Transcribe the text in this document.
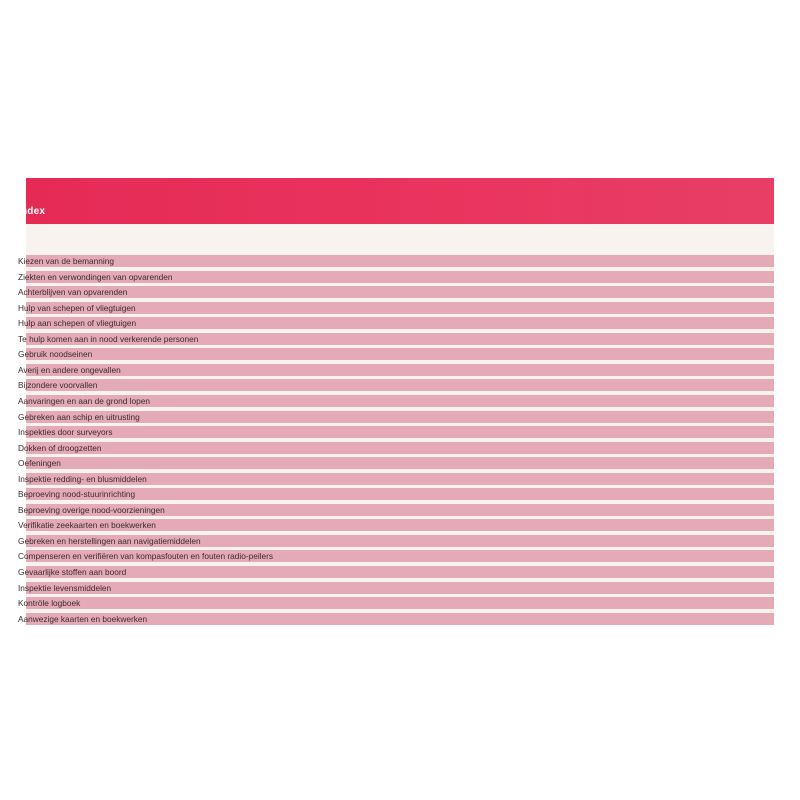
Index
Kiezen van de bemanning
Ziekten en verwondingen van opvarenden
Achterblijven van opvarenden
Hulp van schepen of vliegtuigen
Hulp aan schepen of vliegtuigen
Te hulp komen aan in nood verkerende personen
Gebruik noodseinen
Averij en andere ongevallen
Bijzondere voorvallen
Aanvaringen en aan de grond lopen
Gebreken aan schip en uitrusting
Inspekties door surveyors
Dokken of droogzetten
Oefeningen
Inspektie redding- en blusmiddelen
Beproeving nood-stuurinrichting
Beproeving overige nood-voorzieningen
Verifikatie zeekaarten en boekwerken
Gebreken en herstellingen aan navigatiemiddelen
Compenseren en verifiëren van kompasfouten en fouten radio-peilers
Gevaarlijke stoffen aan boord
Inspektie levensmiddelen
Kontröle logboek
Aanwezige kaarten en boekwerken
